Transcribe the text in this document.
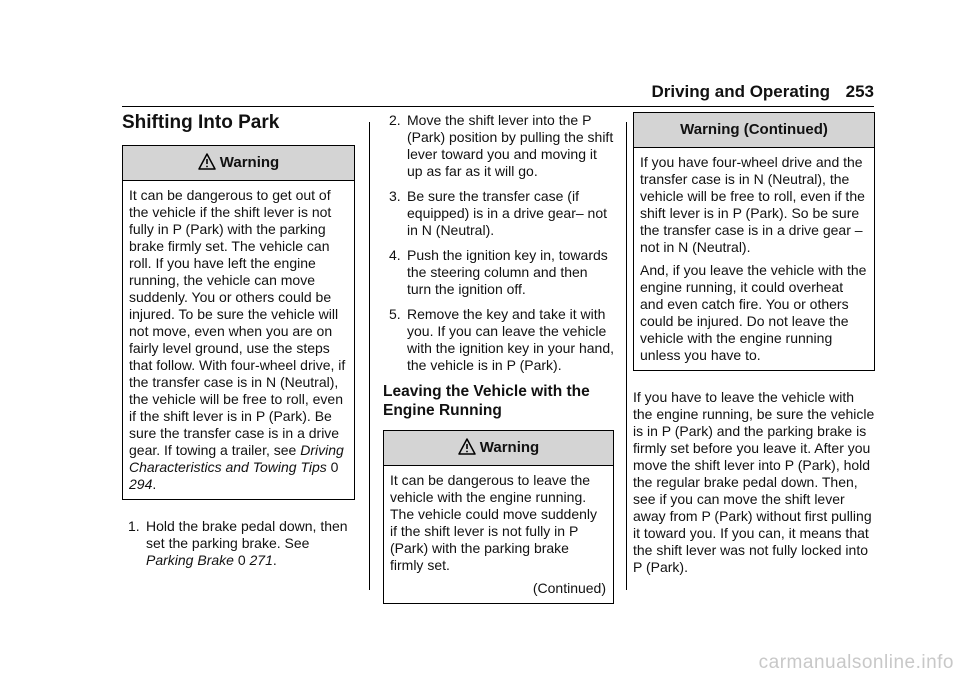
Driving and Operating 253
Shifting Into Park
Warning

It can be dangerous to get out of the vehicle if the shift lever is not fully in P (Park) with the parking brake firmly set. The vehicle can roll. If you have left the engine running, the vehicle can move suddenly. You or others could be injured. To be sure the vehicle will not move, even when you are on fairly level ground, use the steps that follow. With four-wheel drive, if the transfer case is in N (Neutral), the vehicle will be free to roll, even if the shift lever is in P (Park). Be sure the transfer case is in a drive gear. If towing a trailer, see Driving Characteristics and Towing Tips 0 294.

1. Hold the brake pedal down, then set the parking brake. See Parking Brake 0 271.
2. Move the shift lever into the P (Park) position by pulling the shift lever toward you and moving it up as far as it will go.
3. Be sure the transfer case (if equipped) is in a drive gear– not in N (Neutral).
4. Push the ignition key in, towards the steering column and then turn the ignition off.
5. Remove the key and take it with you. If you can leave the vehicle with the ignition key in your hand, the vehicle is in P (Park).
Leaving the Vehicle with the Engine Running
Warning

It can be dangerous to leave the vehicle with the engine running. The vehicle could move suddenly if the shift lever is not fully in P (Park) with the parking brake firmly set.

(Continued)
Warning (Continued)

If you have four-wheel drive and the transfer case is in N (Neutral), the vehicle will be free to roll, even if the shift lever is in P (Park). So be sure the transfer case is in a drive gear – not in N (Neutral).

And, if you leave the vehicle with the engine running, it could overheat and even catch fire. You or others could be injured. Do not leave the vehicle with the engine running unless you have to.

If you have to leave the vehicle with the engine running, be sure the vehicle is in P (Park) and the parking brake is firmly set before you leave it. After you move the shift lever into P (Park), hold the regular brake pedal down. Then, see if you can move the shift lever away from P (Park) without first pulling it toward you. If you can, it means that the shift lever was not fully locked into P (Park).

carmanualsonline.info
